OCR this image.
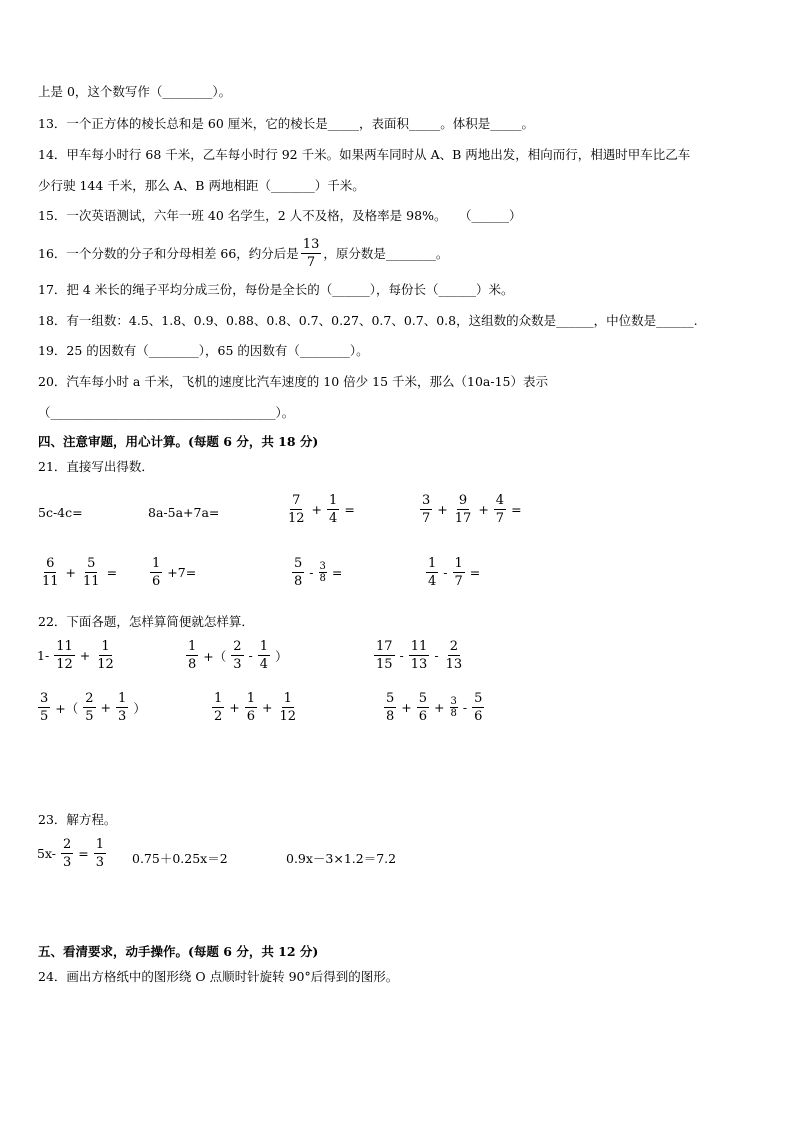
上是 0，这个数写作（________）。
13．一个正方体的棱长总和是 60 厘米，它的棱长是_____，表面积_____。体积是_____。
14．甲车每小时行 68 千米，乙车每小时行 92 千米。如果两车同时从 A、B 两地出发，相向而行，相遇时甲车比乙车
少行驶 144 千米，那么 A、B 两地相距（_______）千米。
15．一次英语测试，六年一班 40 名学生，2 人不及格，及格率是 98%。　　（______）
16．一个分数的分子和分母相差 66，约分后是 $\frac{13}{7}$ ，原分数是________。
17．把 4 米长的绳子平均分成三份，每份是全长的（______），每份长（______）米。
18．有一组数：4.5、1.8、0.9、0.88、0.8、0.7、0.27、0.7、0.7、0.8，这组数的众数是______，中位数是______.
19．25 的因数有（________），65 的因数有（________）。
20．汽车每小时 a 千米，飞机的速度比汽车速度的 10 倍少 15 千米，那么（10a-15）表示
（____________________________________）。
四、注意审题，用心计算。(每题 6 分，共 18 分)
21．直接写出得数．
5c-4c=	8a-5a+7a=
7
12
+ $\frac{1}{4}$ =
3
7
+ $\frac{9}{17} + \frac{4}{7}$ =
6
11
+ $\frac{5}{11}$ =
1
6
+7=
5
8
- $\frac{3}{8}$ =
1
4
- $\frac{1}{7}$ =
22．下面各题，怎样算简便就怎样算．
1-
11
12
+ $\frac{1}{12}$	1
8
+（
2
3
-
1
4
）
17
15
-
11
13
-
2
13
3
5
+（
2
5
+ $\frac{1}{3}$ ）
1
2
+ $\frac{1}{6} + \frac{1}{12}$	5
8
+ $\frac{5}{6} + \frac{3}{8}$ -
5
6
23．解方程。
$5x- \frac{2}{3} = \frac{1}{3} 0.75+0.25x=2$	0.9x－3×1.2＝7.2
五、看清要求，动手操作。(每题 6 分，共 12 分)
24．画出方格纸中的图形绕 O 点顺时针旋转 90°后得到的图形。
